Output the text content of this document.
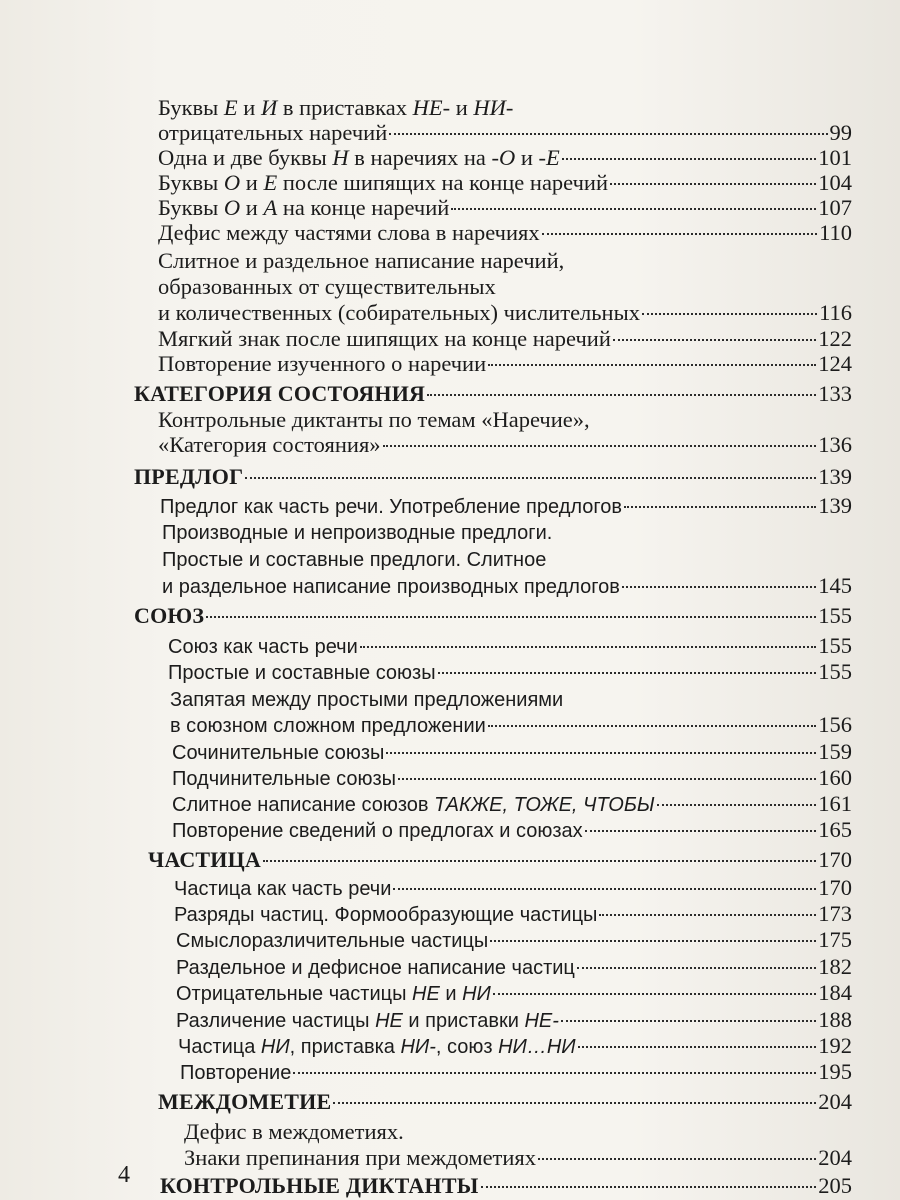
Буквы Е и И в приставках НЕ- и НИ-
отрицательных наречий	99
Одна и две буквы Н в наречиях на -О и -Е	101
Буквы О и Е после шипящих на конце наречий	104
Буквы О и А на конце наречий	107
Дефис между частями слова в наречиях	110
Слитное и раздельное написание наречий,
образованных от существительных
и количественных (собирательных) числительных	116
Мягкий знак после шипящих на конце наречий	122
Повторение изученного о наречии	124
КАТЕГОРИЯ СОСТОЯНИЯ	133
Контрольные диктанты по темам «Наречие»,
«Категория состояния»	136
ПРЕДЛОГ	139
Предлог как часть речи. Употребление предлогов	139
Производные и непроизводные предлоги.
Простые и составные предлоги. Слитное
и раздельное написание производных предлогов	145
СОЮЗ	155
Союз как часть речи	155
Простые и составные союзы	155
Запятая между простыми предложениями
в союзном сложном предложении	156
Сочинительные союзы	159
Подчинительные союзы	160
Слитное написание союзов ТАКЖЕ, ТОЖЕ, ЧТОБЫ	161
Повторение сведений о предлогах и союзах	165
ЧАСТИЦА	170
Частица как часть речи	170
Разряды частиц. Формообразующие частицы	173
Смыслоразличительные частицы	175
Раздельное и дефисное написание частиц	182
Отрицательные частицы НЕ и НИ	184
Различение частицы НЕ и приставки НЕ-	188
Частица НИ, приставка НИ-, союз НИ…НИ	192
Повторение	195
МЕЖДОМЕТИЕ	204
Дефис в междометиях.
Знаки препинания при междометиях	204
КОНТРОЛЬНЫЕ ДИКТАНТЫ	205
4
